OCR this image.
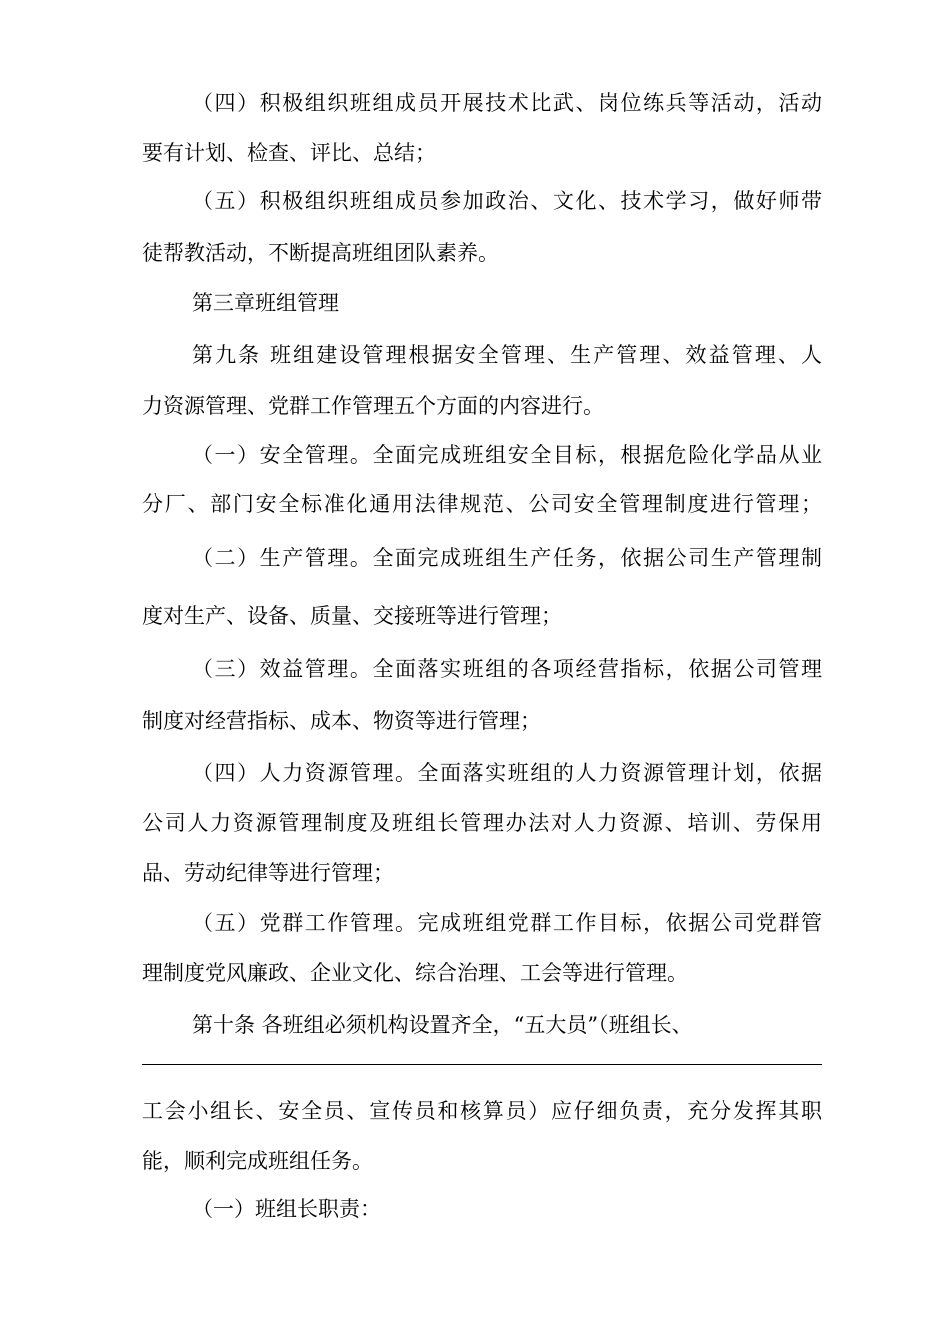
（四）积极组织班组成员开展技术比武、岗位练兵等活动，活动
要有计划、检查、评比、总结；
（五）积极组织班组成员参加政治、文化、技术学习，做好师带
徒帮教活动，不断提高班组团队素养。
第三章班组管理
第九条 班组建设管理根据安全管理、生产管理、效益管理、人
力资源管理、党群工作管理五个方面的内容进行。
（一）安全管理。全面完成班组安全目标，根据危险化学品从业
分厂、部门安全标准化通用法律规范、公司安全管理制度进行管理；
（二）生产管理。全面完成班组生产任务，依据公司生产管理制
度对生产、设备、质量、交接班等进行管理；
（三）效益管理。全面落实班组的各项经营指标，依据公司管理
制度对经营指标、成本、物资等进行管理；
（四）人力资源管理。全面落实班组的人力资源管理计划，依据
公司人力资源管理制度及班组长管理办法对人力资源、培训、劳保用
品、劳动纪律等进行管理；
（五）党群工作管理。完成班组党群工作目标，依据公司党群管
理制度党风廉政、企业文化、综合治理、工会等进行管理。
第十条 各班组必须机构设置齐全，“五大员”（班组长、
工会小组长、安全员、宣传员和核算员）应仔细负责，充分发挥其职
能，顺利完成班组任务。
（一）班组长职责：
